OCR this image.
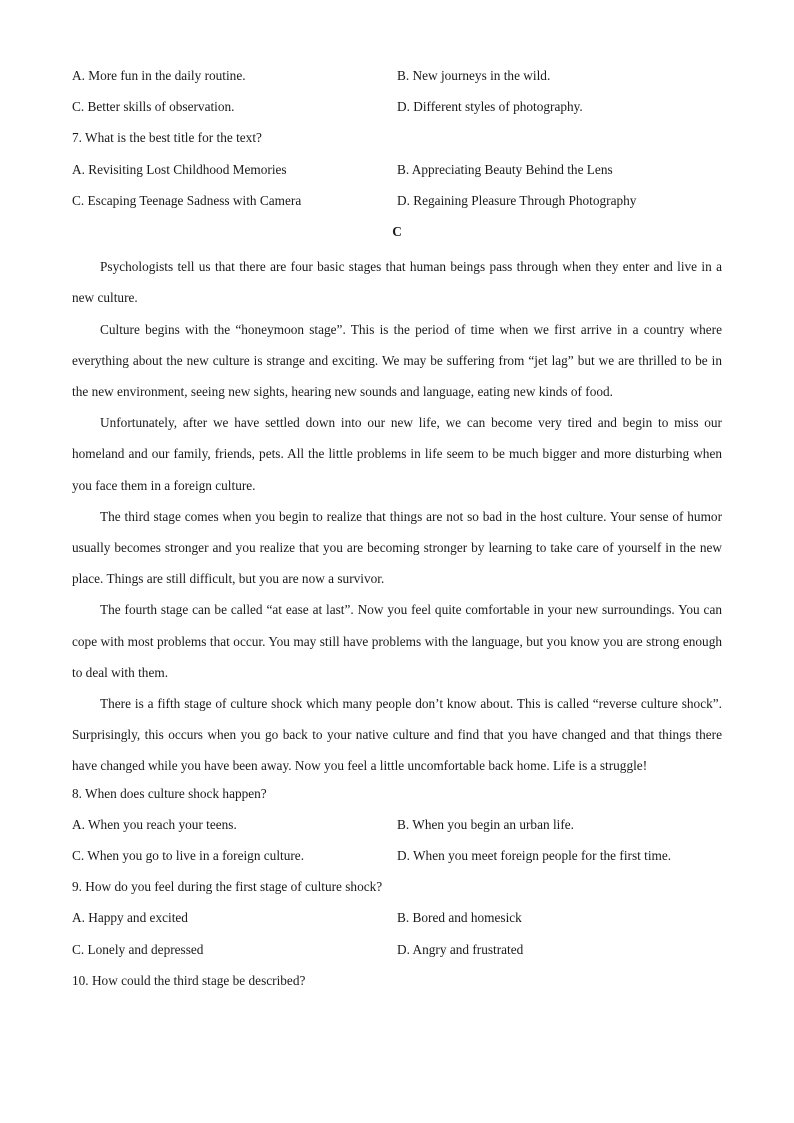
A. More fun in the daily routine.	B. New journeys in the wild.
C. Better skills of observation.	D. Different styles of photography.
7. What is the best title for the text?
A. Revisiting Lost Childhood Memories	B. Appreciating Beauty Behind the Lens
C. Escaping Teenage Sadness with Camera	D. Regaining Pleasure Through Photography
C

Psychologists tell us that there are four basic stages that human beings pass through when they enter and live in a new culture.

Culture begins with the “honeymoon stage”. This is the period of time when we first arrive in a country where everything about the new culture is strange and exciting. We may be suffering from “jet lag” but we are thrilled to be in the new environment, seeing new sights, hearing new sounds and language, eating new kinds of food.

Unfortunately, after we have settled down into our new life, we can become very tired and begin to miss our homeland and our family, friends, pets. All the little problems in life seem to be much bigger and more disturbing when you face them in a foreign culture.

The third stage comes when you begin to realize that things are not so bad in the host culture. Your sense of humor usually becomes stronger and you realize that you are becoming stronger by learning to take care of yourself in the new place. Things are still difficult, but you are now a survivor.

The fourth stage can be called “at ease at last”. Now you feel quite comfortable in your new surroundings. You can cope with most problems that occur. You may still have problems with the language, but you know you are strong enough to deal with them.

There is a fifth stage of culture shock which many people don’t know about. This is called “reverse culture shock”. Surprisingly, this occurs when you go back to your native culture and find that you have changed and that things there have changed while you have been away. Now you feel a little uncomfortable back home. Life is a struggle!

8. When does culture shock happen?
A. When you reach your teens.	B. When you begin an urban life.
C. When you go to live in a foreign culture.	D. When you meet foreign people for the first time.
9. How do you feel during the first stage of culture shock?
A. Happy and excited	B. Bored and homesick
C. Lonely and depressed	D. Angry and frustrated
10. How could the third stage be described?
